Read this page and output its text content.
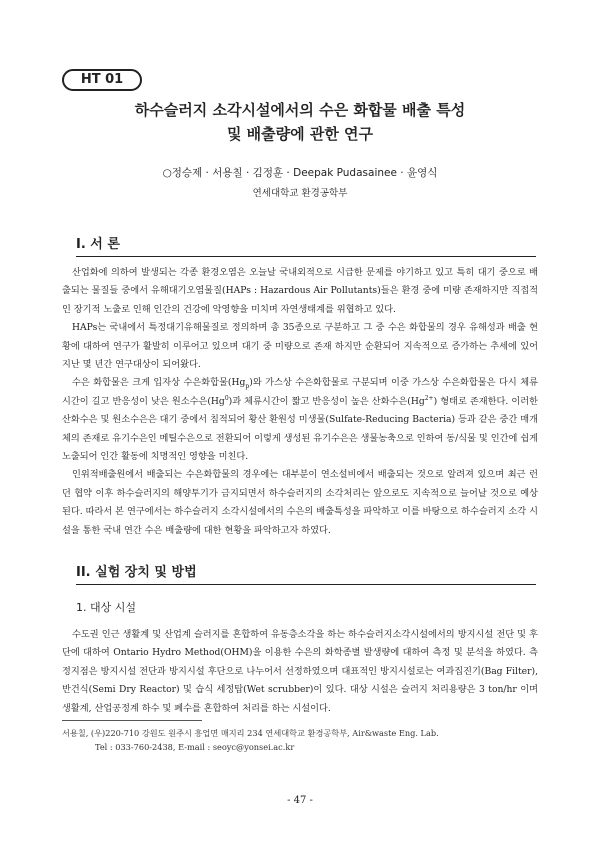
HT 01
하수슬러지 소각시설에서의 수은 화합물 배출 특성
및 배출량에 관한 연구
○정승제 · 서용칠 · 김정훈 · Deepak Pudasainee · 윤영식
연세대학교 환경공학부
I. 서 론

산업화에 의하여 발생되는 각종 환경오염은 오늘날 국내외적으로 시급한 문제를 야기하고 있고 특히 대기 중으로 배출되는 물질들 중에서 유해대기오염물질(HAPs : Hazardous Air Pollutants)들은 환경 중에 미량 존재하지만 직접적인 장기적 노출로 인해 인간의 건강에 악영향을 미치며 자연생태계를 위협하고 있다.

HAPs는 국내에서 특정대기유해물질로 정의하며 총 35종으로 구분하고 그 중 수은 화합물의 경우 유해성과 배출 현황에 대하여 연구가 활발히 이루어고 있으며 대기 중 미량으로 존재 하지만 순환되어 지속적으로 증가하는 추세에 있어 지난 몇 년간 연구대상이 되어왔다.

수은 화합물은 크게 입자상 수은화합물$(Hg_p)$와 가스상 수은화합물로 구분되며 이중 가스상 수은화합물은 다시 체류시간이 길고 반응성이 낮은 원소수은(Hg$^0$)과 체류시간이 짧고 반응성이 높은 산화수은$(Hg^{2+})$ 형태로 존재한다. 이러한 산화수은 및 원소수은은 대기 중에서 침적되어 황산 환원성 미생물(Sulfate-Reducing Bacteria) 등과 같은 중간 매개체의 존재로 유기수은인 메틸수은으로 전환되어 이렇게 생성된 유기수은은 생물농축으로 인하여 동/식물 및 인간에 쉽게 노출되어 인간 활동에 치명적인 영향을 미친다.

인위적배출원에서 배출되는 수은화합물의 경우에는 대부분이 연소설비에서 배출되는 것으로 알려져 있으며 최근 런던 협약 이후 하수슬러지의 해양투기가 금지되면서 하수슬러지의 소각처리는 앞으로도 지속적으로 늘어날 것으로 예상된다. 따라서 본 연구에서는 하수슬러지 소각시설에서의 수은의 배출특성을 파악하고 이를 바탕으로 하수슬러지 소각 시설을 통한 국내 연간 수은 배출량에 대한 현황을 파악하고자 하였다.

II. 실험 장치 및 방법
1. 대상 시설

수도권 인근 생활계 및 산업계 슬러지를 혼합하여 유동층소각을 하는 하수슬러지소각시설에서의 방지시설 전단 및 후단에 대하여 Ontario Hydro Method(OHM)을 이용한 수은의 화학종별 발생량에 대하여 측정 및 분석을 하였다. 측정지점은 방지시설 전단과 방지시설 후단으로 나누어서 선정하였으며 대표적인 방지시설로는 여과집진기(Bag Filter), 반건식(Semi Dry Reactor) 및 습식 세정탑(Wet scrubber)이 있다. 대상 시설은 슬러지 처리용량은 3 ton/hr 이며 생활계, 산업공정계 하수 및 폐수를 혼합하여 처리를 하는 시설이다.

서용칠, (우)220-710 강원도 원주시 흥업면 매지리 234 연세대학교 환경공학부, Air&waste Eng. Lab.
Tel : 033-760-2438, E-mail : seoyc@yonsei.ac.kr
- 47 -
